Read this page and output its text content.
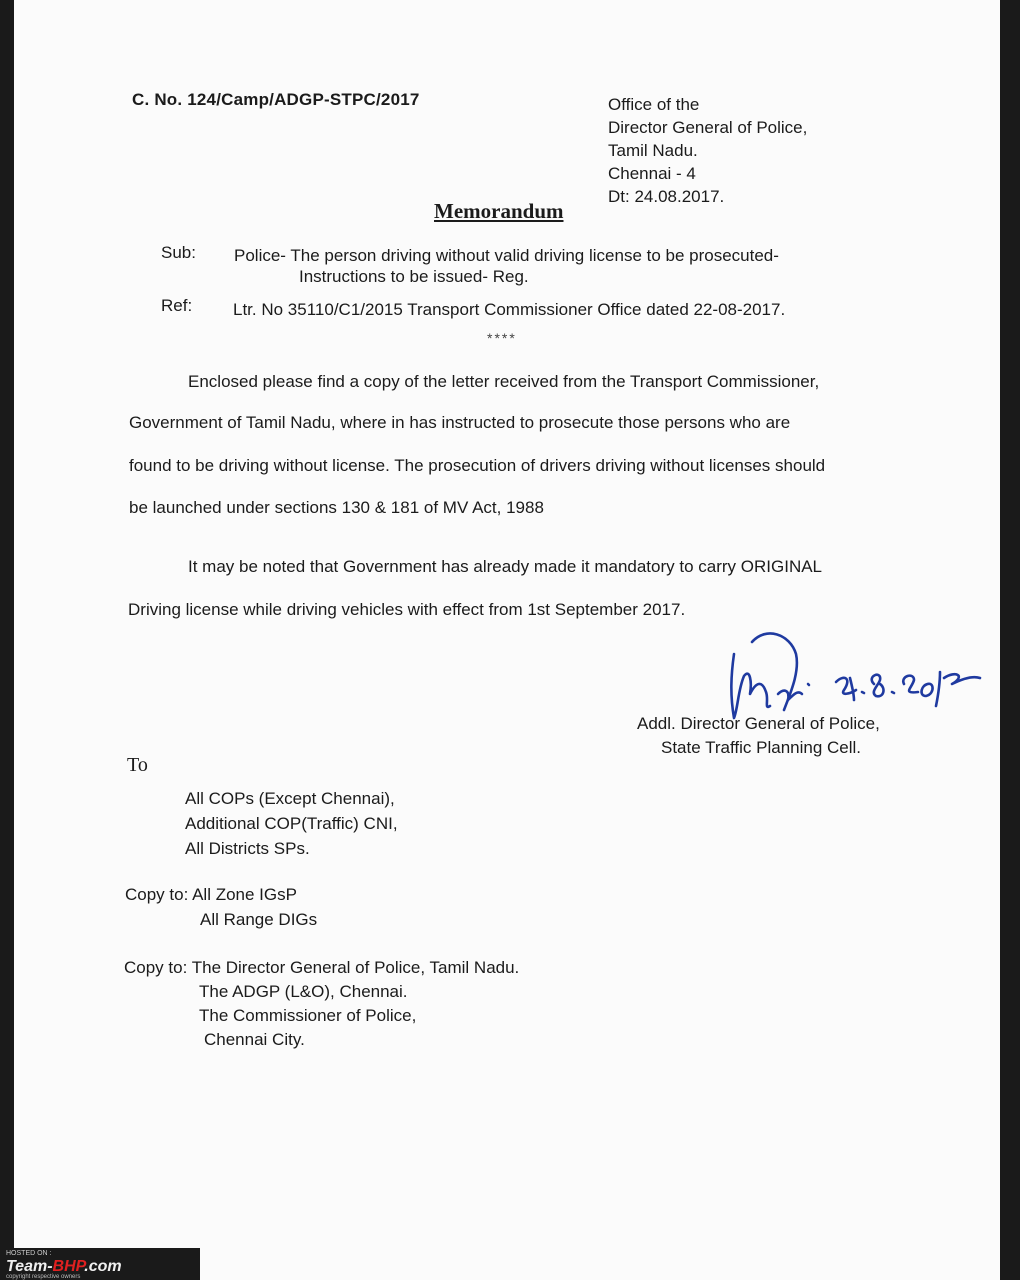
C. No. 124/Camp/ADGP-STPC/2017	Office of the
Director General of Police,
Tamil Nadu.
Chennai - 4
Dt: 24.08.2017.
Memorandum
Sub: Police- The person driving without valid driving license to be prosecuted-
Instructions to be issued- Reg.
Ref: Ltr. No 35110/C1/2015 Transport Commissioner Office dated 22-08-2017.
****
Enclosed please find a copy of the letter received from the Transport Commissioner,
Government of Tamil Nadu, where in has instructed to prosecute those persons who are
found to be driving without license. The prosecution of drivers driving without licenses should
be launched under sections 130 & 181 of MV Act, 1988
It may be noted that Government has already made it mandatory to carry ORIGINAL
Driving license while driving vehicles with effect from 1st September 2017. 24.8.2017
Addl. Director General of Police,
State Traffic Planning Cell.
To
All COPs (Except Chennai),
Additional COP(Traffic) CNI,
All Districts SPs.
Copy to: All Zone IGsP
All Range DIGs
Copy to: The Director General of Police, Tamil Nadu.
The ADGP (L&O), Chennai.
The Commissioner of Police,
Chennai City.
HOSTED ON :
Team-BHP.com
copyright respective owners
